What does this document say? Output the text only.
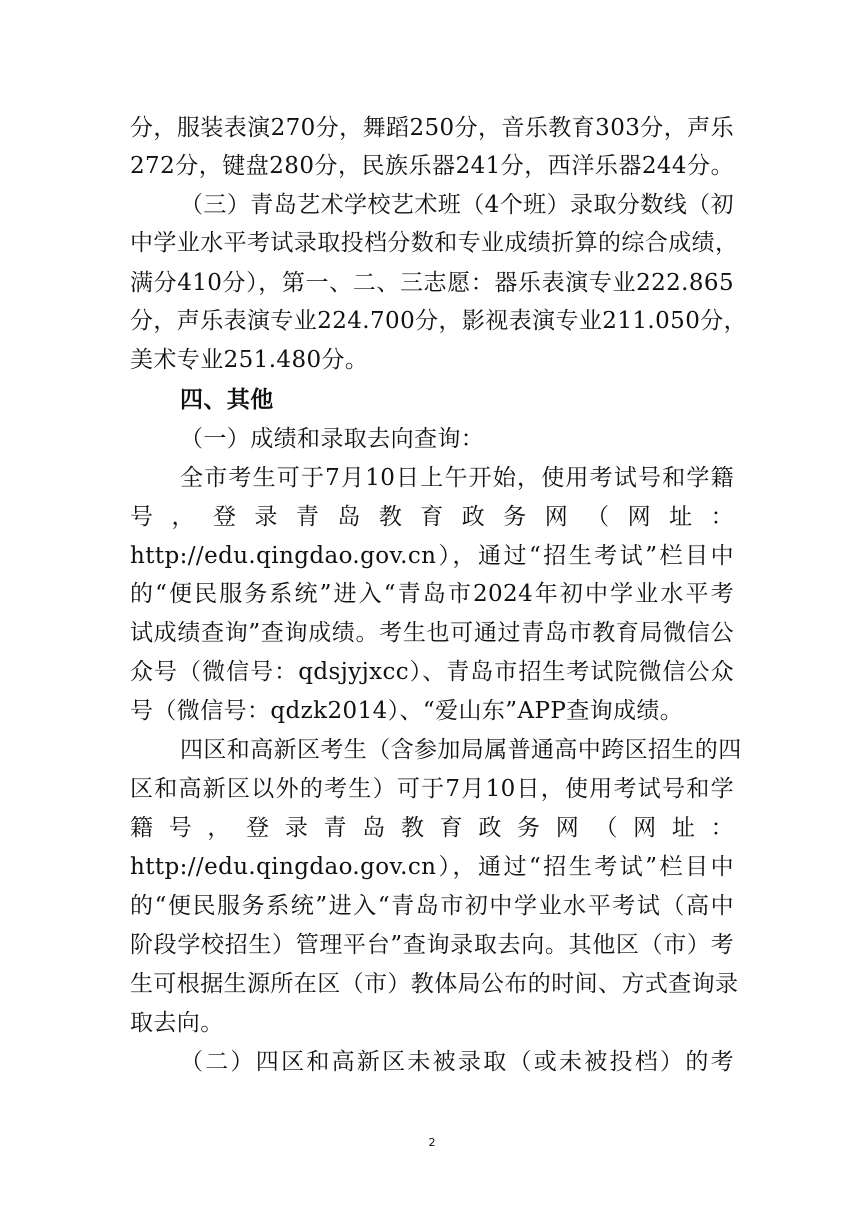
分，服装表演270分，舞蹈250分，音乐教育303分，声乐
272分，键盘280分，民族乐器241分，西洋乐器244分。
（三）青岛艺术学校艺术班（4个班）录取分数线（初
中学业水平考试录取投档分数和专业成绩折算的综合成绩，
满分410分），第一、二、三志愿：器乐表演专业222.865
分，声乐表演专业224.700分，影视表演专业211.050分，
美术专业251.480分。
四、其他
（一）成绩和录取去向查询：
全市考生可于7月10日上午开始，使用考试号和学籍
号，登录青岛教育政务网（网址：
http://edu.qingdao.gov.cn），通过“招生考试”栏目中
的“便民服务系统”进入“青岛市2024年初中学业水平考
试成绩查询”查询成绩。考生也可通过青岛市教育局微信公
众号（微信号：qdsjyjxcc）、青岛市招生考试院微信公众
号（微信号：qdzk2014）、“爱山东”APP查询成绩。
四区和高新区考生（含参加局属普通高中跨区招生的四
区和高新区以外的考生）可于7月10日，使用考试号和学
籍号，登录青岛教育政务网（网址：
http://edu.qingdao.gov.cn），通过“招生考试”栏目中
的“便民服务系统”进入“青岛市初中学业水平考试（高中
阶段学校招生）管理平台”查询录取去向。其他区（市）考
生可根据生源所在区（市）教体局公布的时间、方式查询录
取去向。
（二）四区和高新区未被录取（或未被投档）的考
2
